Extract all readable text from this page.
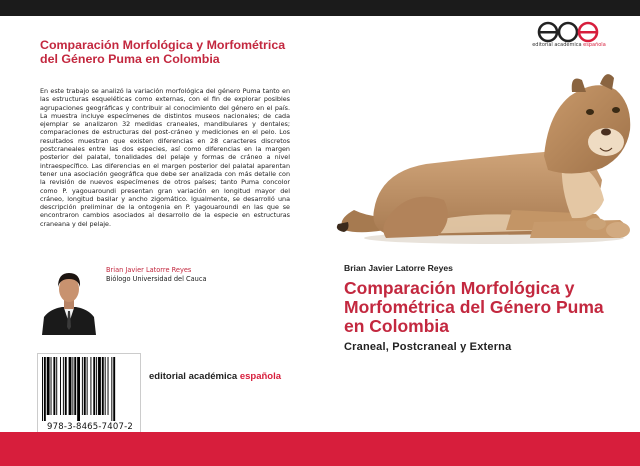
Comparación Morfológica y Morfométrica del Género Puma en Colombia
En este trabajo se analizó la variación morfológica del género Puma tanto en las estructuras esqueléticas como externas, con el fin de explorar posibles agrupaciones geográficas y contribuir al conocimiento del género en el país. La muestra incluye especímenes de distintos museos nacionales; de cada ejemplar se analizaron 32 medidas craneales, mandibulares y dentales; comparaciones de estructuras del post-cráneo y mediciones en el pelo. Los resultados muestran que existen diferencias en 28 caracteres discretos postcraneales entre las dos especies, así como diferencias en la margen posterior del palatal, tonalidades del pelaje y formas de cráneo a nivel intraespecífico. Las diferencias en el margen posterior del palatal aparentan tener una asociación geográfica que debe ser analizada con más detalle con la revisión de nuevos especímenes de otros países; tanto Puma concolor como P. yagouaroundi presentan gran variación en longitud mayor del cráneo, longitud basilar y ancho zigomático. Igualmente, se desarrolló una descripción preliminar de la ontogenia en P. yagouaroundi en las que se encontraron cambios asociados al desarrollo de la especie en estructuras craneana y del pelaje.
Brian Javier Latorre Reyes
Biólogo Universidad del Cauca
978-3-8465-7407-2
editorial académica española
editorial académica española
Brian Javier Latorre Reyes
Comparación Morfológica y Morfométrica del Género Puma en Colombia
Craneal, Postcraneal y Externa
